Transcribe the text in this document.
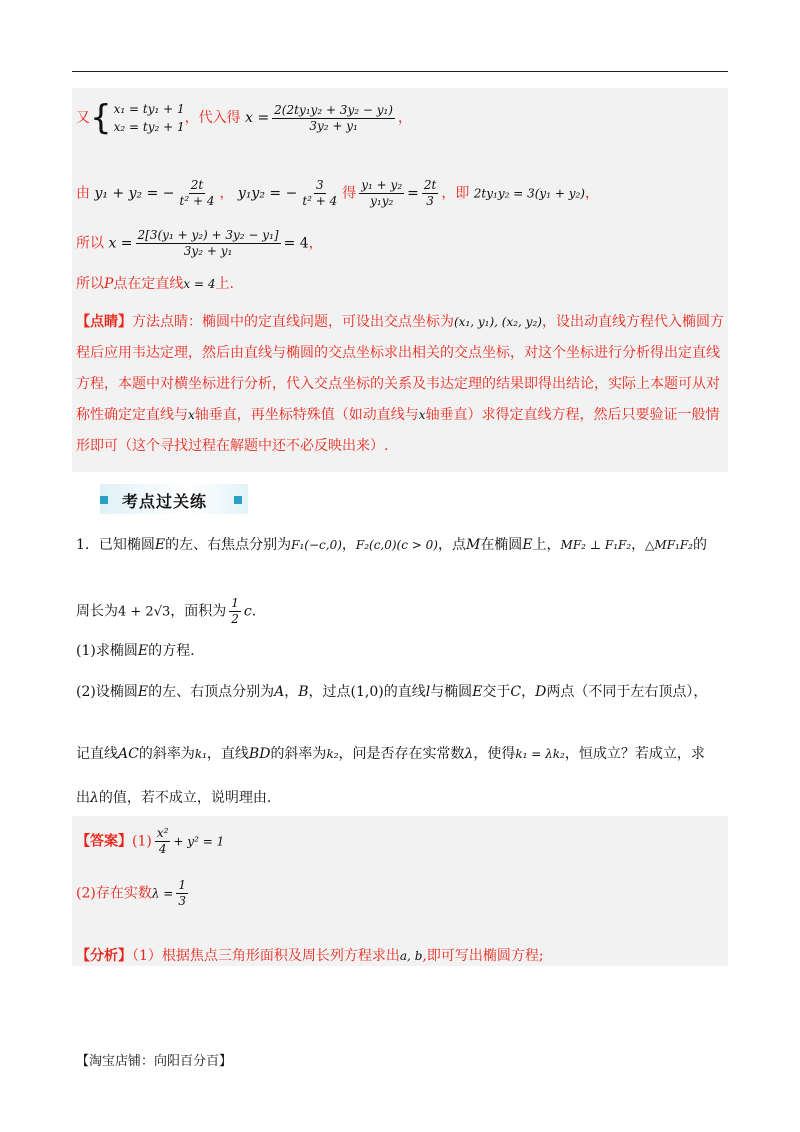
又 { x₁ = ty₁ + 1
x₂ = ty₂ + 1
，代入得 $x = \frac{\text{2(2ty₁y₂ + 3y₂ − y₁)}}{\text{3y₂ + y₁}}$ ，
由 y₁ + y₂ = − $\frac{2t}{\text{t² + 4}}$ ， y₁y₂ = − $\frac{3}{\text{t² + 4}}$ 得 $\frac{\text{y₁ + y₂}}{\text{y₁y₂}} = \frac{2t}{3}$ ，即 2ty₁y₂ = 3(y₁ + y₂)，
所以 $x = \frac{\text{2[3(y₁ + y₂) + 3y₂ − y₁]}}{\text{3y₂ + y₁}} = 4$，
所以P点在定直线x = 4上.
【点睛】方法点睛：椭圆中的定直线问题，可设出交点坐标为(x₁, y₁), (x₂, y₂)，设出动直线方程代入椭圆方程后应用韦达定理，然后由直线与椭圆的交点坐标求出相关的交点坐标，对这个坐标进行分析得出定直线方程，本题中对横坐标进行分析，代入交点坐标的关系及韦达定理的结果即得出结论，实际上本题可从对称性确定定直线与x轴垂直，再坐标特殊值（如动直线与x轴垂直）求得定直线方程，然后只要验证一般情形即可（这个寻找过程在解题中还不必反映出来）.
考点过关练
1．已知椭圆E的左、右焦点分别为F₁(−c,0)，F₂(c,0)(c > 0)，点M在椭圆E上，MF₂ ⊥ F₁F₂，△MF₁F₂的
周长为4 + 2√3，面积为 $\frac{1}{2} c$.
(1)求椭圆E的方程.
(2)设椭圆E的左、右顶点分别为A，B，过点(1,0)的直线l与椭圆E交于C，D两点（不同于左右顶点），
记直线AC的斜率为k₁，直线BD的斜率为k₂，问是否存在实常数λ，使得k₁ = λk₂，恒成立？若成立，求
出λ的值，若不成立，说明理由.
【答案】$(1) \frac{\text{x²}}{4} + y^2 = 1$
(2)存在实数$\lambda = \frac{1}{3}$
【分析】（1）根据焦点三角形面积及周长列方程求出a, b,即可写出椭圆方程;
【淘宝店铺：向阳百分百】
